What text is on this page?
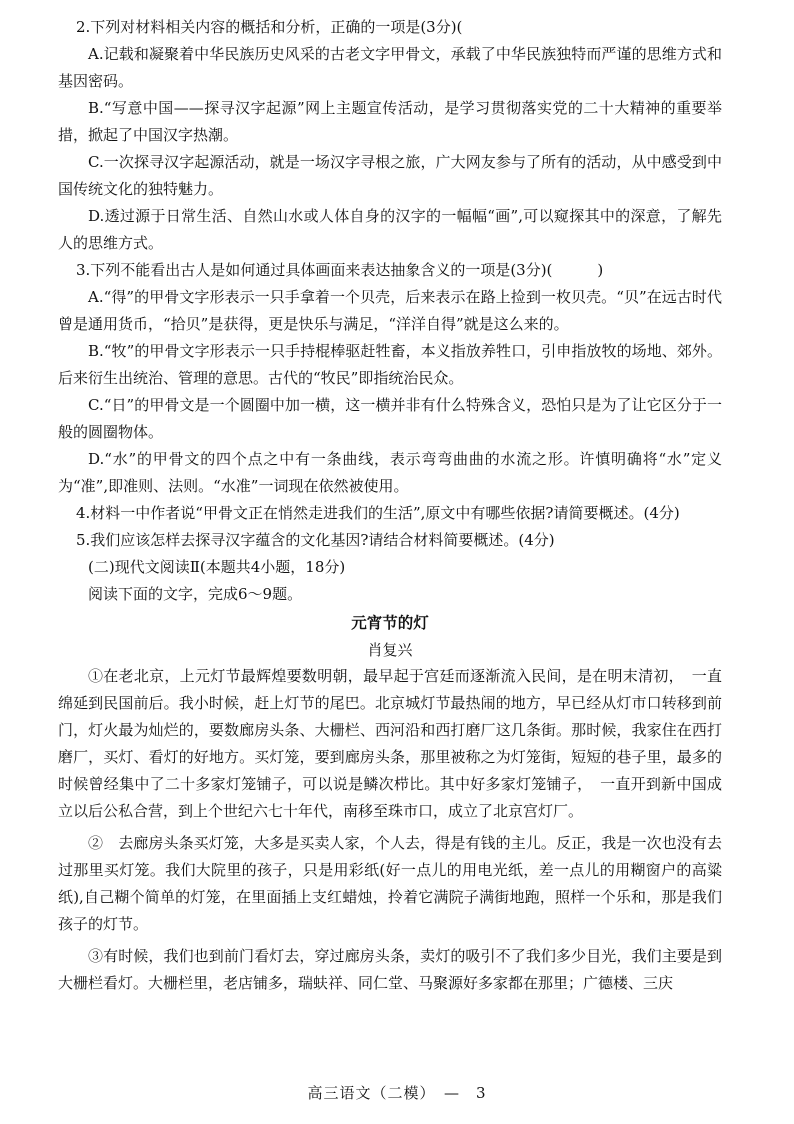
2.下列对材料相关内容的概括和分析，正确的一项是(3分)(

A.记载和凝聚着中华民族历史风采的古老文字甲骨文，承载了中华民族独特而严谨的思维方式和基因密码。

B.“写意中国——探寻汉字起源”网上主题宣传活动，是学习贯彻落实党的二十大精神的重要举措，掀起了中国汉字热潮。

C.一次探寻汉字起源活动，就是一场汉字寻根之旅，广大网友参与了所有的活动，从中感受到中国传统文化的独特魅力。

D.透过源于日常生活、自然山水或人体自身的汉字的一幅幅“画”,可以窥探其中的深意，了解先人的思维方式。

3.下列不能看出古人是如何通过具体画面来表达抽象含义的一项是(3分)(　　　)

A.“得”的甲骨文字形表示一只手拿着一个贝壳，后来表示在路上捡到一枚贝壳。“贝”在远古时代曾是通用货币，“拾贝”是获得，更是快乐与满足，“洋洋自得”就是这么来的。

B.“牧”的甲骨文字形表示一只手持棍棒驱赶牲畜，本义指放养牲口，引申指放牧的场地、郊外。后来衍生出统治、管理的意思。古代的“牧民”即指统治民众。

C.“日”的甲骨文是一个圆圈中加一横，这一横并非有什么特殊含义，恐怕只是为了让它区分于一般的圆圈物体。

D.“水”的甲骨文的四个点之中有一条曲线，表示弯弯曲曲的水流之形。许慎明确将“水”定义为“准”,即准则、法则。“水准”一词现在依然被使用。

4.材料一中作者说“甲骨文正在悄然走进我们的生活”,原文中有哪些依据?请简要概述。(4分)

5.我们应该怎样去探寻汉字蕴含的文化基因?请结合材料简要概述。(4分)

(二)现代文阅读Ⅱ(本题共4小题，18分)

阅读下面的文字，完成6～9题。

元宵节的灯

肖复兴

①在老北京，上元灯节最辉煌要数明朝，最早起于宫廷而逐渐流入民间，是在明末清初，　一直绵延到民国前后。我小时候，赶上灯节的尾巴。北京城灯节最热闹的地方，早已经从灯市口转移到前门，灯火最为灿烂的，要数廊房头条、大栅栏、西河沿和西打磨厂这几条街。那时候，我家住在西打磨厂，买灯、看灯的好地方。买灯笼，要到廊房头条，那里被称之为灯笼街，短短的巷子里，最多的时候曾经集中了二十多家灯笼铺子，可以说是鳞次栉比。其中好多家灯笼铺子，　一直开到新中国成立以后公私合营，到上个世纪六七十年代，南移至珠市口，成立了北京宫灯厂。

②　去廊房头条买灯笼，大多是买卖人家，个人去，得是有钱的主儿。反正，我是一次也没有去过那里买灯笼。我们大院里的孩子，只是用彩纸(好一点儿的用电光纸，差一点儿的用糊窗户的高粱纸),自己糊个简单的灯笼，在里面插上支红蜡烛，拎着它满院子满街地跑，照样一个乐和，那是我们孩子的灯节。

③有时候，我们也到前门看灯去，穿过廊房头条，卖灯的吸引不了我们多少目光，我们主要是到大栅栏看灯。大栅栏里，老店铺多，瑞蚨祥、同仁堂、马聚源好多家都在那里；广德楼、三庆

高三语文（二模）　—　3
